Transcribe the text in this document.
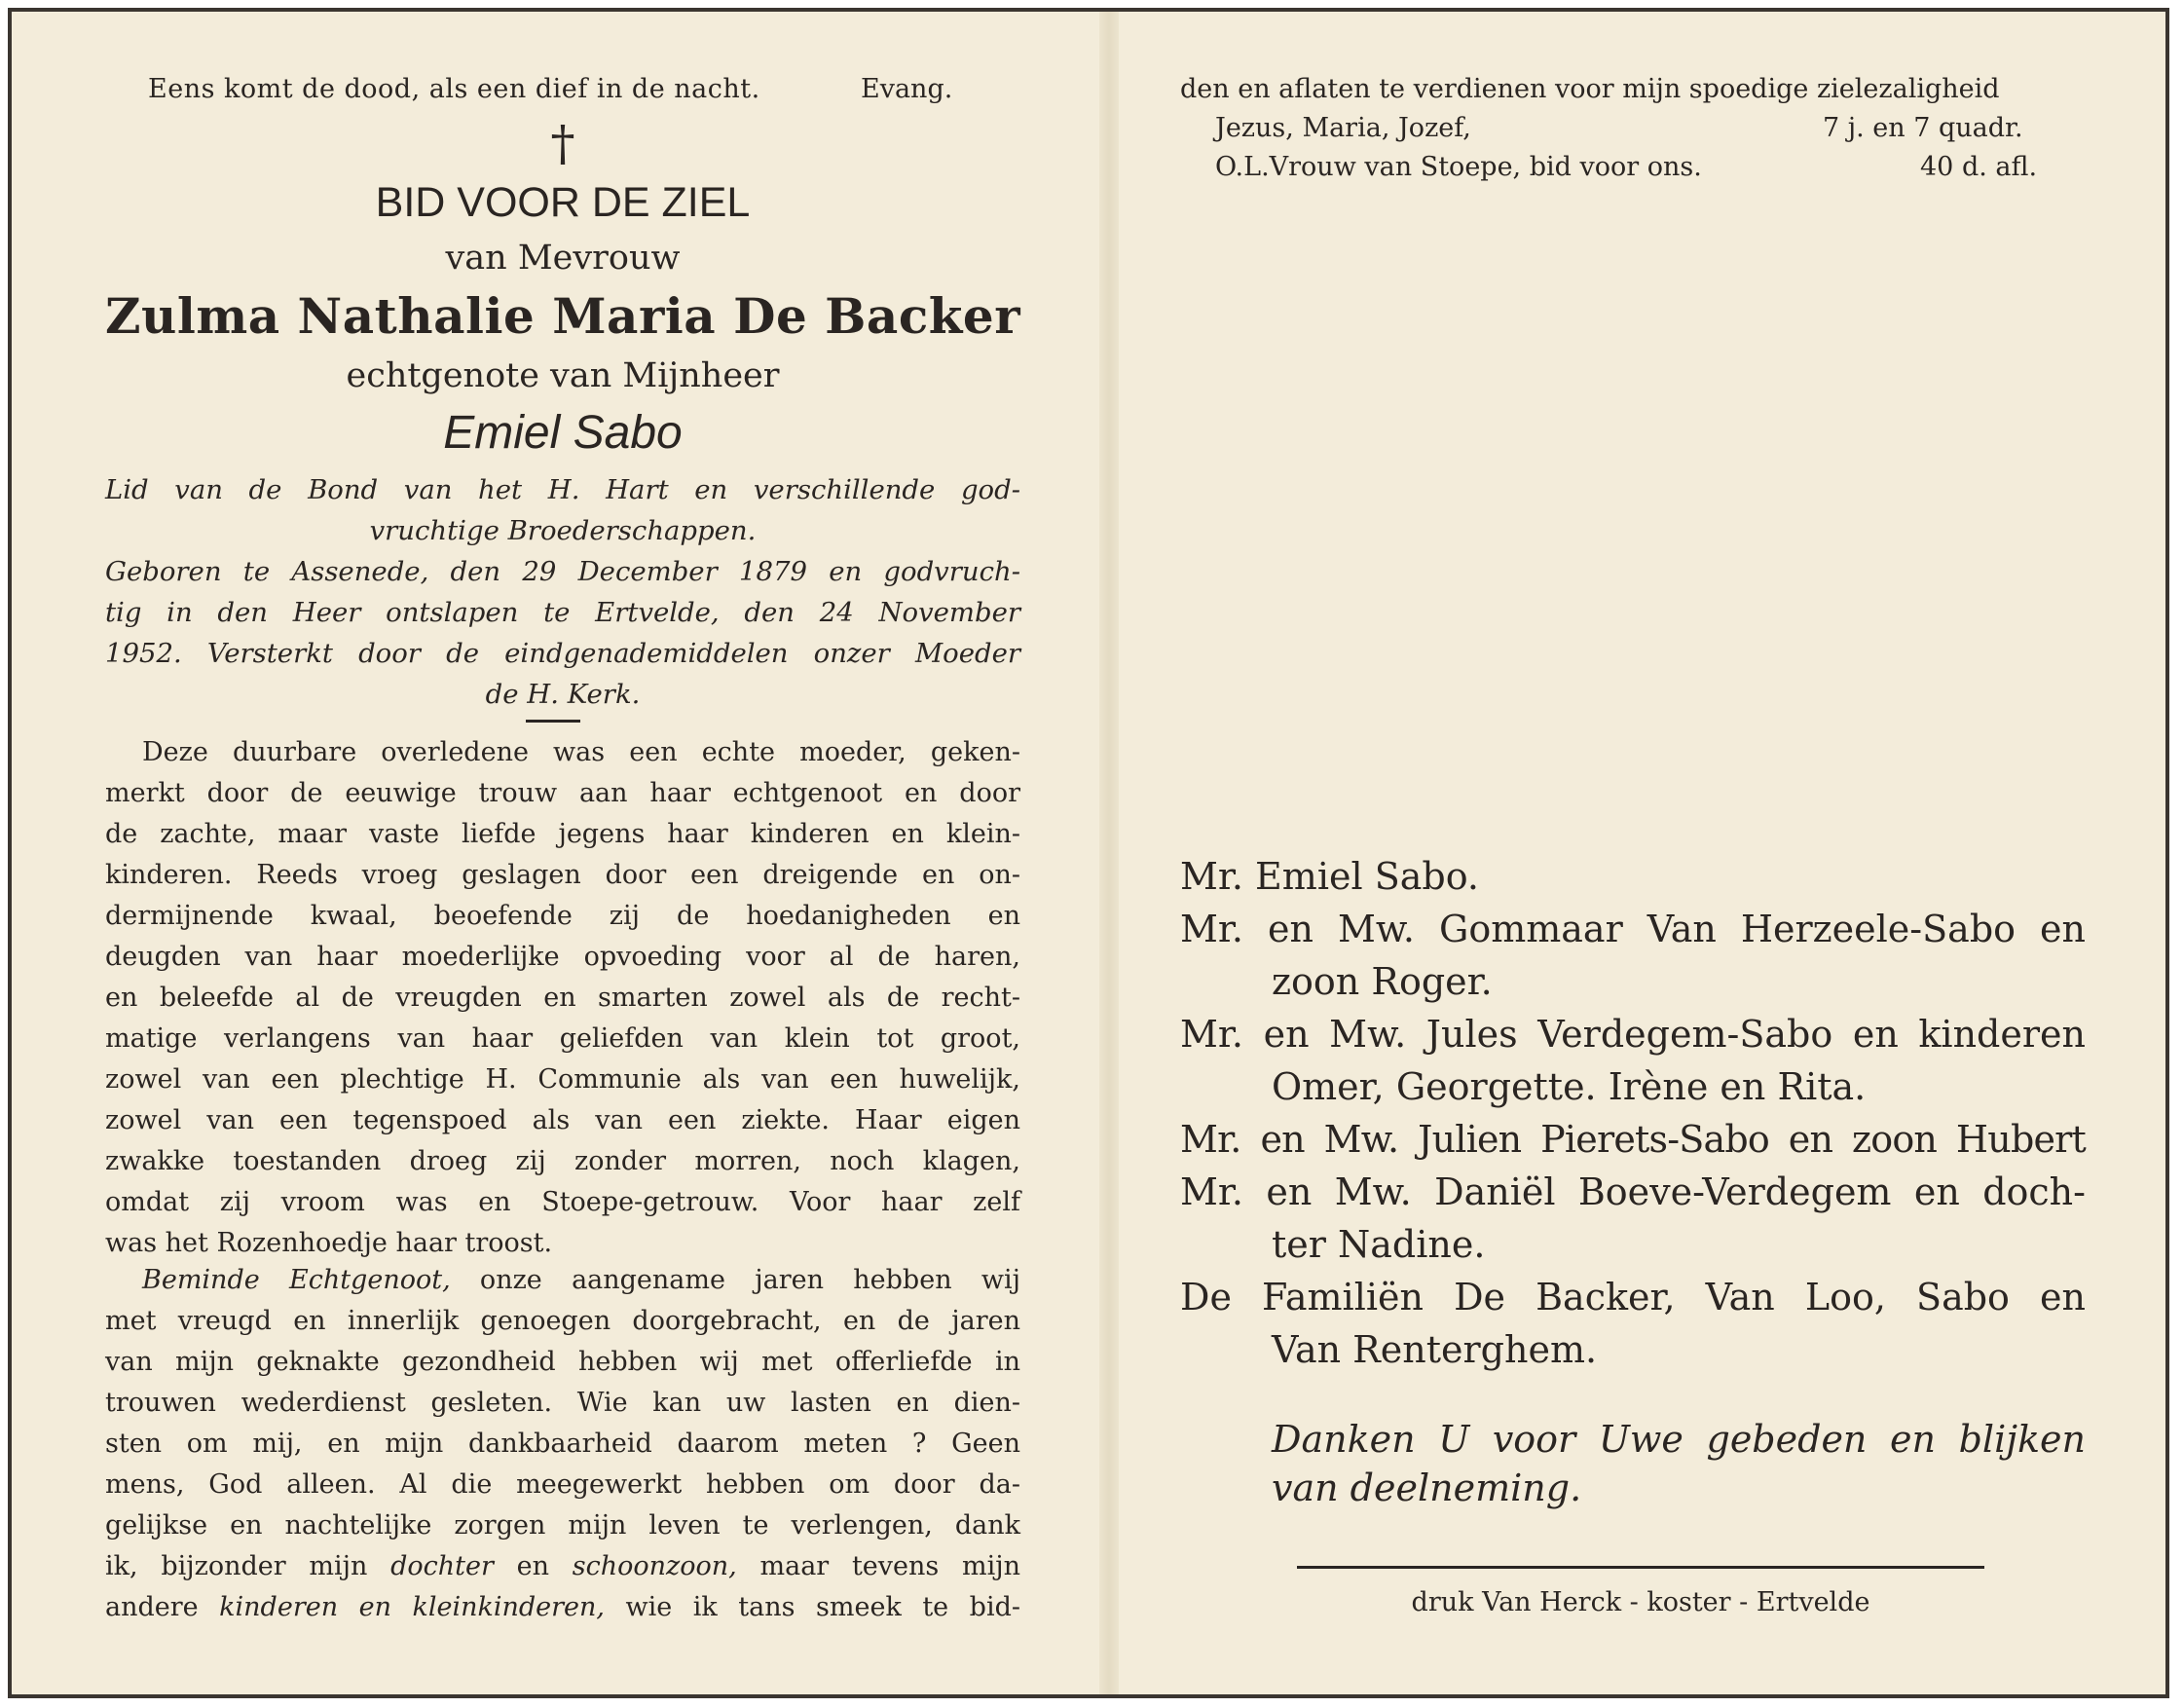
Eens komt de dood, als een dief in de nacht.	Evang.
†
BID VOOR DE ZIEL
van Mevrouw
Zulma Nathalie Maria De Backer
echtgenote van Mijnheer
Emiel Sabo
Lid van de Bond van het H. Hart en verschillende god-
vruchtige Broederschappen.
Geboren te Assenede, den 29 December 1879 en godvruch-
tig in den Heer ontslapen te Ertvelde, den 24 November
1952. Versterkt door de eindgenademiddelen onzer Moeder
de H. Kerk.
Deze duurbare overledene was een echte moeder, geken-
merkt door de eeuwige trouw aan haar echtgenoot en door
de zachte, maar vaste liefde jegens haar kinderen en klein-
kinderen. Reeds vroeg geslagen door een dreigende en on-
dermijnende kwaal, beoefende zij de hoedanigheden en
deugden van haar moederlijke opvoeding voor al de haren,
en beleefde al de vreugden en smarten zowel als de recht-
matige verlangens van haar geliefden van klein tot groot,
zowel van een plechtige H. Communie als van een huwelijk,
zowel van een tegenspoed als van een ziekte. Haar eigen
zwakke toestanden droeg zij zonder morren, noch klagen,
omdat zij vroom was en Stoepe-getrouw. Voor haar zelf
was het Rozenhoedje haar troost.
Beminde Echtgenoot, onze aangename jaren hebben wij
met vreugd en innerlijk genoegen doorgebracht, en de jaren
van mijn geknakte gezondheid hebben wij met offerliefde in
trouwen wederdienst gesleten. Wie kan uw lasten en dien-
sten om mij, en mijn dankbaarheid daarom meten ? Geen
mens, God alleen. Al die meegewerkt hebben om door da-
gelijkse en nachtelijke zorgen mijn leven te verlengen, dank
ik, bijzonder mijn dochter en schoonzoon, maar tevens mijn
andere kinderen en kleinkinderen, wie ik tans smeek te bid-
den en aflaten te verdienen voor mijn spoedige zielezaligheid
Jezus, Maria, Jozef,	7 j. en 7 quadr.
O.L.Vrouw van Stoepe, bid voor ons.	40 d. afl.
Mr. Emiel Sabo.
Mr. en Mw. Gommaar Van Herzeele-Sabo en
zoon Roger.
Mr. en Mw. Jules Verdegem-Sabo en kinderen
Omer, Georgette. Irène en Rita.
Mr. en Mw. Julien Pierets-Sabo en zoon Hubert
Mr. en Mw. Daniël Boeve-Verdegem en doch-
ter Nadine.
De Familiën De Backer, Van Loo, Sabo en
Van Renterghem.
Danken U voor Uwe gebeden en blijken
van deelneming.
druk Van Herck - koster - Ertvelde
